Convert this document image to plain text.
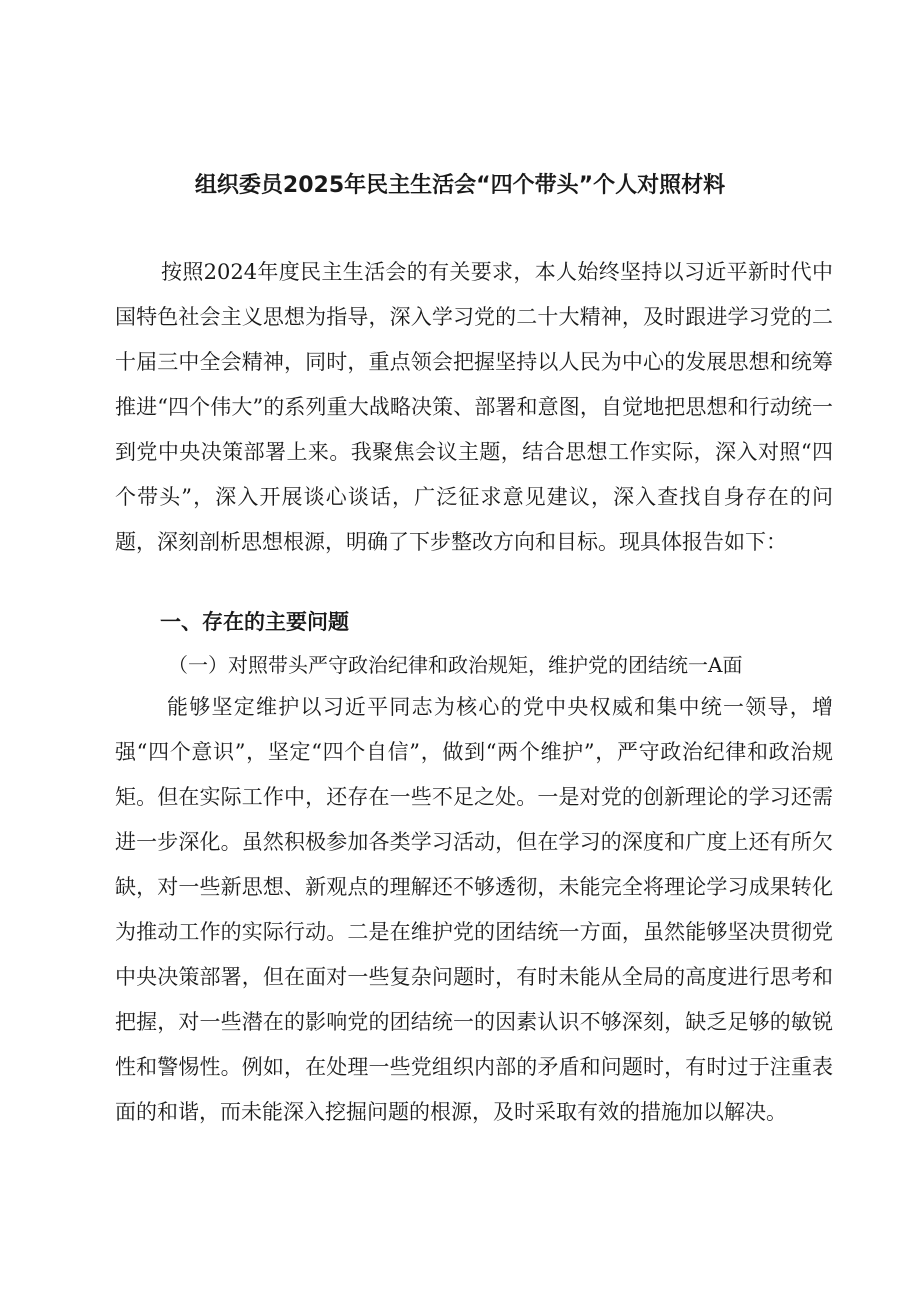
组织委员2025年民主生活会“四个带头”个人对照材料

按照2024年度民主生活会的有关要求，本人始终坚持以习近平新时代中国特色社会主义思想为指导，深入学习党的二十大精神，及时跟进学习党的二十届三中全会精神，同时，重点领会把握坚持以人民为中心的发展思想和统筹推进“四个伟大”的系列重大战略决策、部署和意图，自觉地把思想和行动统一到党中央决策部署上来。我聚焦会议主题，结合思想工作实际，深入对照“四个带头”，深入开展谈心谈话，广泛征求意见建议，深入查找自身存在的问题，深刻剖析思想根源，明确了下步整改方向和目标。现具体报告如下：

一、存在的主要问题

（一）对照带头严守政治纪律和政治规矩，维护党的团结统一A面

能够坚定维护以习近平同志为核心的党中央权威和集中统一领导，增强“四个意识”，坚定“四个自信”，做到“两个维护”，严守政治纪律和政治规矩。但在实际工作中，还存在一些不足之处。一是对党的创新理论的学习还需进一步深化。虽然积极参加各类学习活动，但在学习的深度和广度上还有所欠缺，对一些新思想、新观点的理解还不够透彻，未能完全将理论学习成果转化为推动工作的实际行动。二是在维护党的团结统一方面，虽然能够坚决贯彻党中央决策部署，但在面对一些复杂问题时，有时未能从全局的高度进行思考和把握，对一些潜在的影响党的团结统一的因素认识不够深刻，缺乏足够的敏锐性和警惕性。例如，在处理一些党组织内部的矛盾和问题时，有时过于注重表面的和谐，而未能深入挖掘问题的根源，及时采取有效的措施加以解决。
